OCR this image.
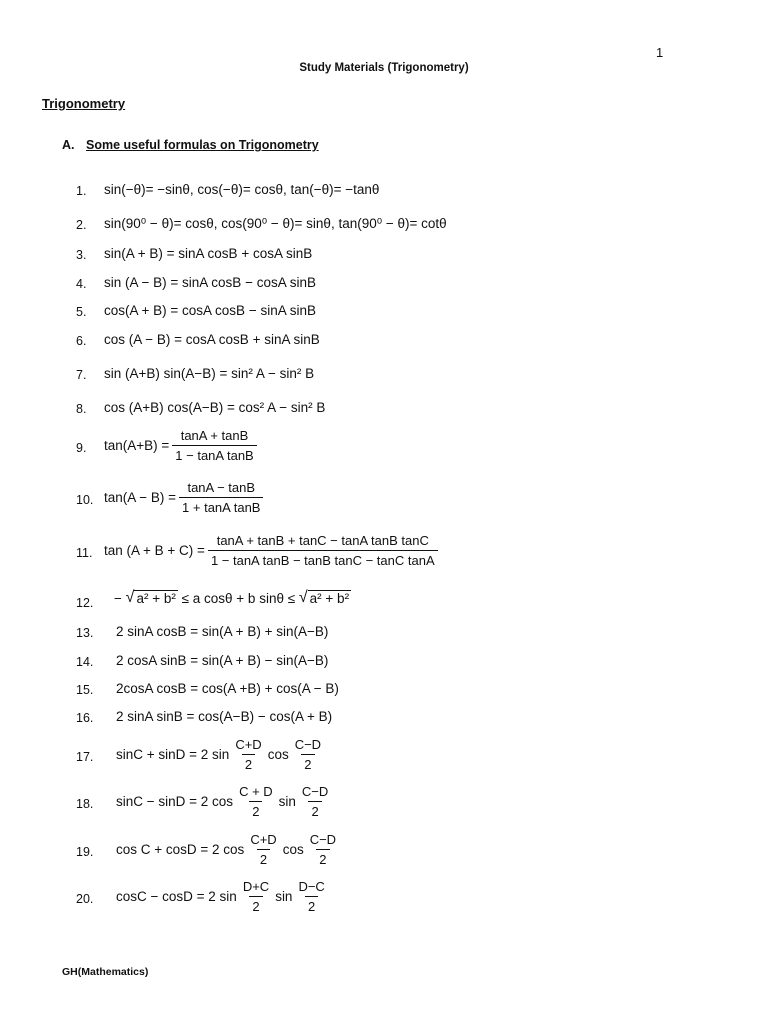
1
Study Materials (Trigonometry)
Trigonometry
A. Some useful formulas on Trigonometry
1.	sin(−θ)= −sinθ, cos(−θ)= cosθ, tan(−θ)= −tanθ
2.	sin(90⁰ − θ)= cosθ, cos(90⁰ − θ)= sinθ, tan(90⁰ − θ)= cotθ
3.	sin(A + B) = sinA cosB + cosA sinB
4.	sin (A − B) = sinA cosB − cosA sinB
5.	cos(A + B) = cosA cosB − sinA sinB
6.	cos (A − B) = cosA cosB + sinA sinB
7.	sin (A+B) sin(A−B) = sin² A − sin² B
8.	cos (A+B) cos(A−B) = cos² A − sin² B
9.	$\tan(A+B) = \frac{\tan A + \tan B}{\text{1 − tanA tanB}}$
10. $\tan(A - B) = \frac{\tan A - \tan B}{\text{1 + tanA tanB}}$
11. $\tan (A + B + C) = \frac{\text{tanA + tanB + tanC − tanA tanB tanC}}{\text{1 − tanA tanB − tanB tanC − tanC tanA}}$
12.	−
√ a² + b²
≤ a cosθ + b sinθ ≤
√ a² + b²
13.	2 sinA cosB = sin(A + B) + sin(A−B)
14.	2 cosA sinB = sin(A + B) − sin(A−B)
15.	2cosA cosB = cos(A +B) + cos(A − B)
16.	2 sinA sinB = cos(A−B) − cos(A + B)
17.	sinC + sinD = 2 $\sin \frac{C+D}{2}$ $\cos \frac{C-D}{2}$
18.	sinC − sinD = 2 $\cos \frac{C + D}{2}$ $\sin \frac{C-D}{2}$
19.	cos C + cosD = 2 $\cos \frac{C+D}{2}$ $\cos \frac{C-D}{2}$
20.	cosC − cosD = 2 $\sin \frac{D+C}{2}$ $\sin \frac{D-C}{2}$
GH(Mathematics)
